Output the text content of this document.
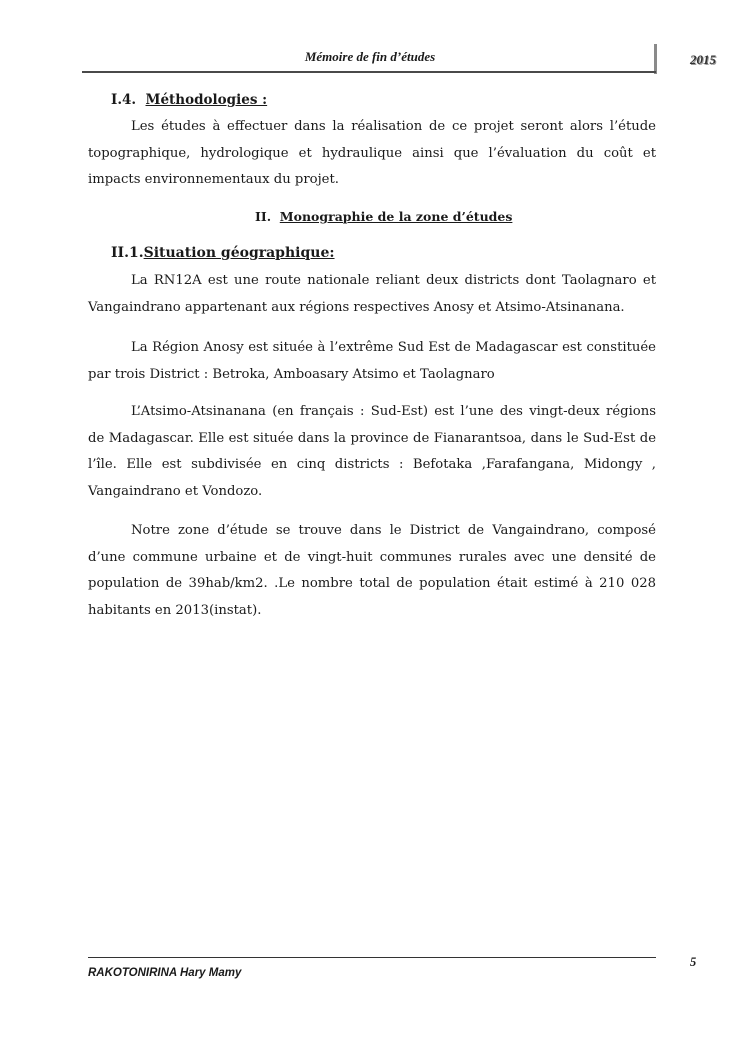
Mémoire de fin d’études	2015
I.4. Méthodologies :
Les études à effectuer dans la réalisation de ce projet seront alors l’étude topographique, hydrologique et hydraulique ainsi que l’évaluation du coût et impacts environnementaux du projet.
II. Monographie de la zone d’études
II.1.Situation géographique:
La RN12A est une route nationale reliant deux districts dont Taolagnaro et Vangaindrano appartenant aux régions respectives Anosy et Atsimo-Atsinanana.
La Région Anosy est située à l’extrême Sud Est de Madagascar est constituée par trois District : Betroka, Amboasary Atsimo et Taolagnaro
L’Atsimo-Atsinanana (en français : Sud-Est) est l’une des vingt-deux régions de Madagascar. Elle est située dans la province de Fianarantsoa, dans le Sud-Est de l’île. Elle est subdivisée en cinq districts : Befotaka ,Farafangana, Midongy , Vangaindrano et Vondozo.
Notre zone d’étude se trouve dans le District de Vangaindrano, composé d’une commune urbaine et de vingt-huit communes rurales avec une densité de population de 39hab/km2. .Le nombre total de population était estimé à 210 028 habitants en 2013(instat).
RAKOTONIRINA Hary Mamy
5
